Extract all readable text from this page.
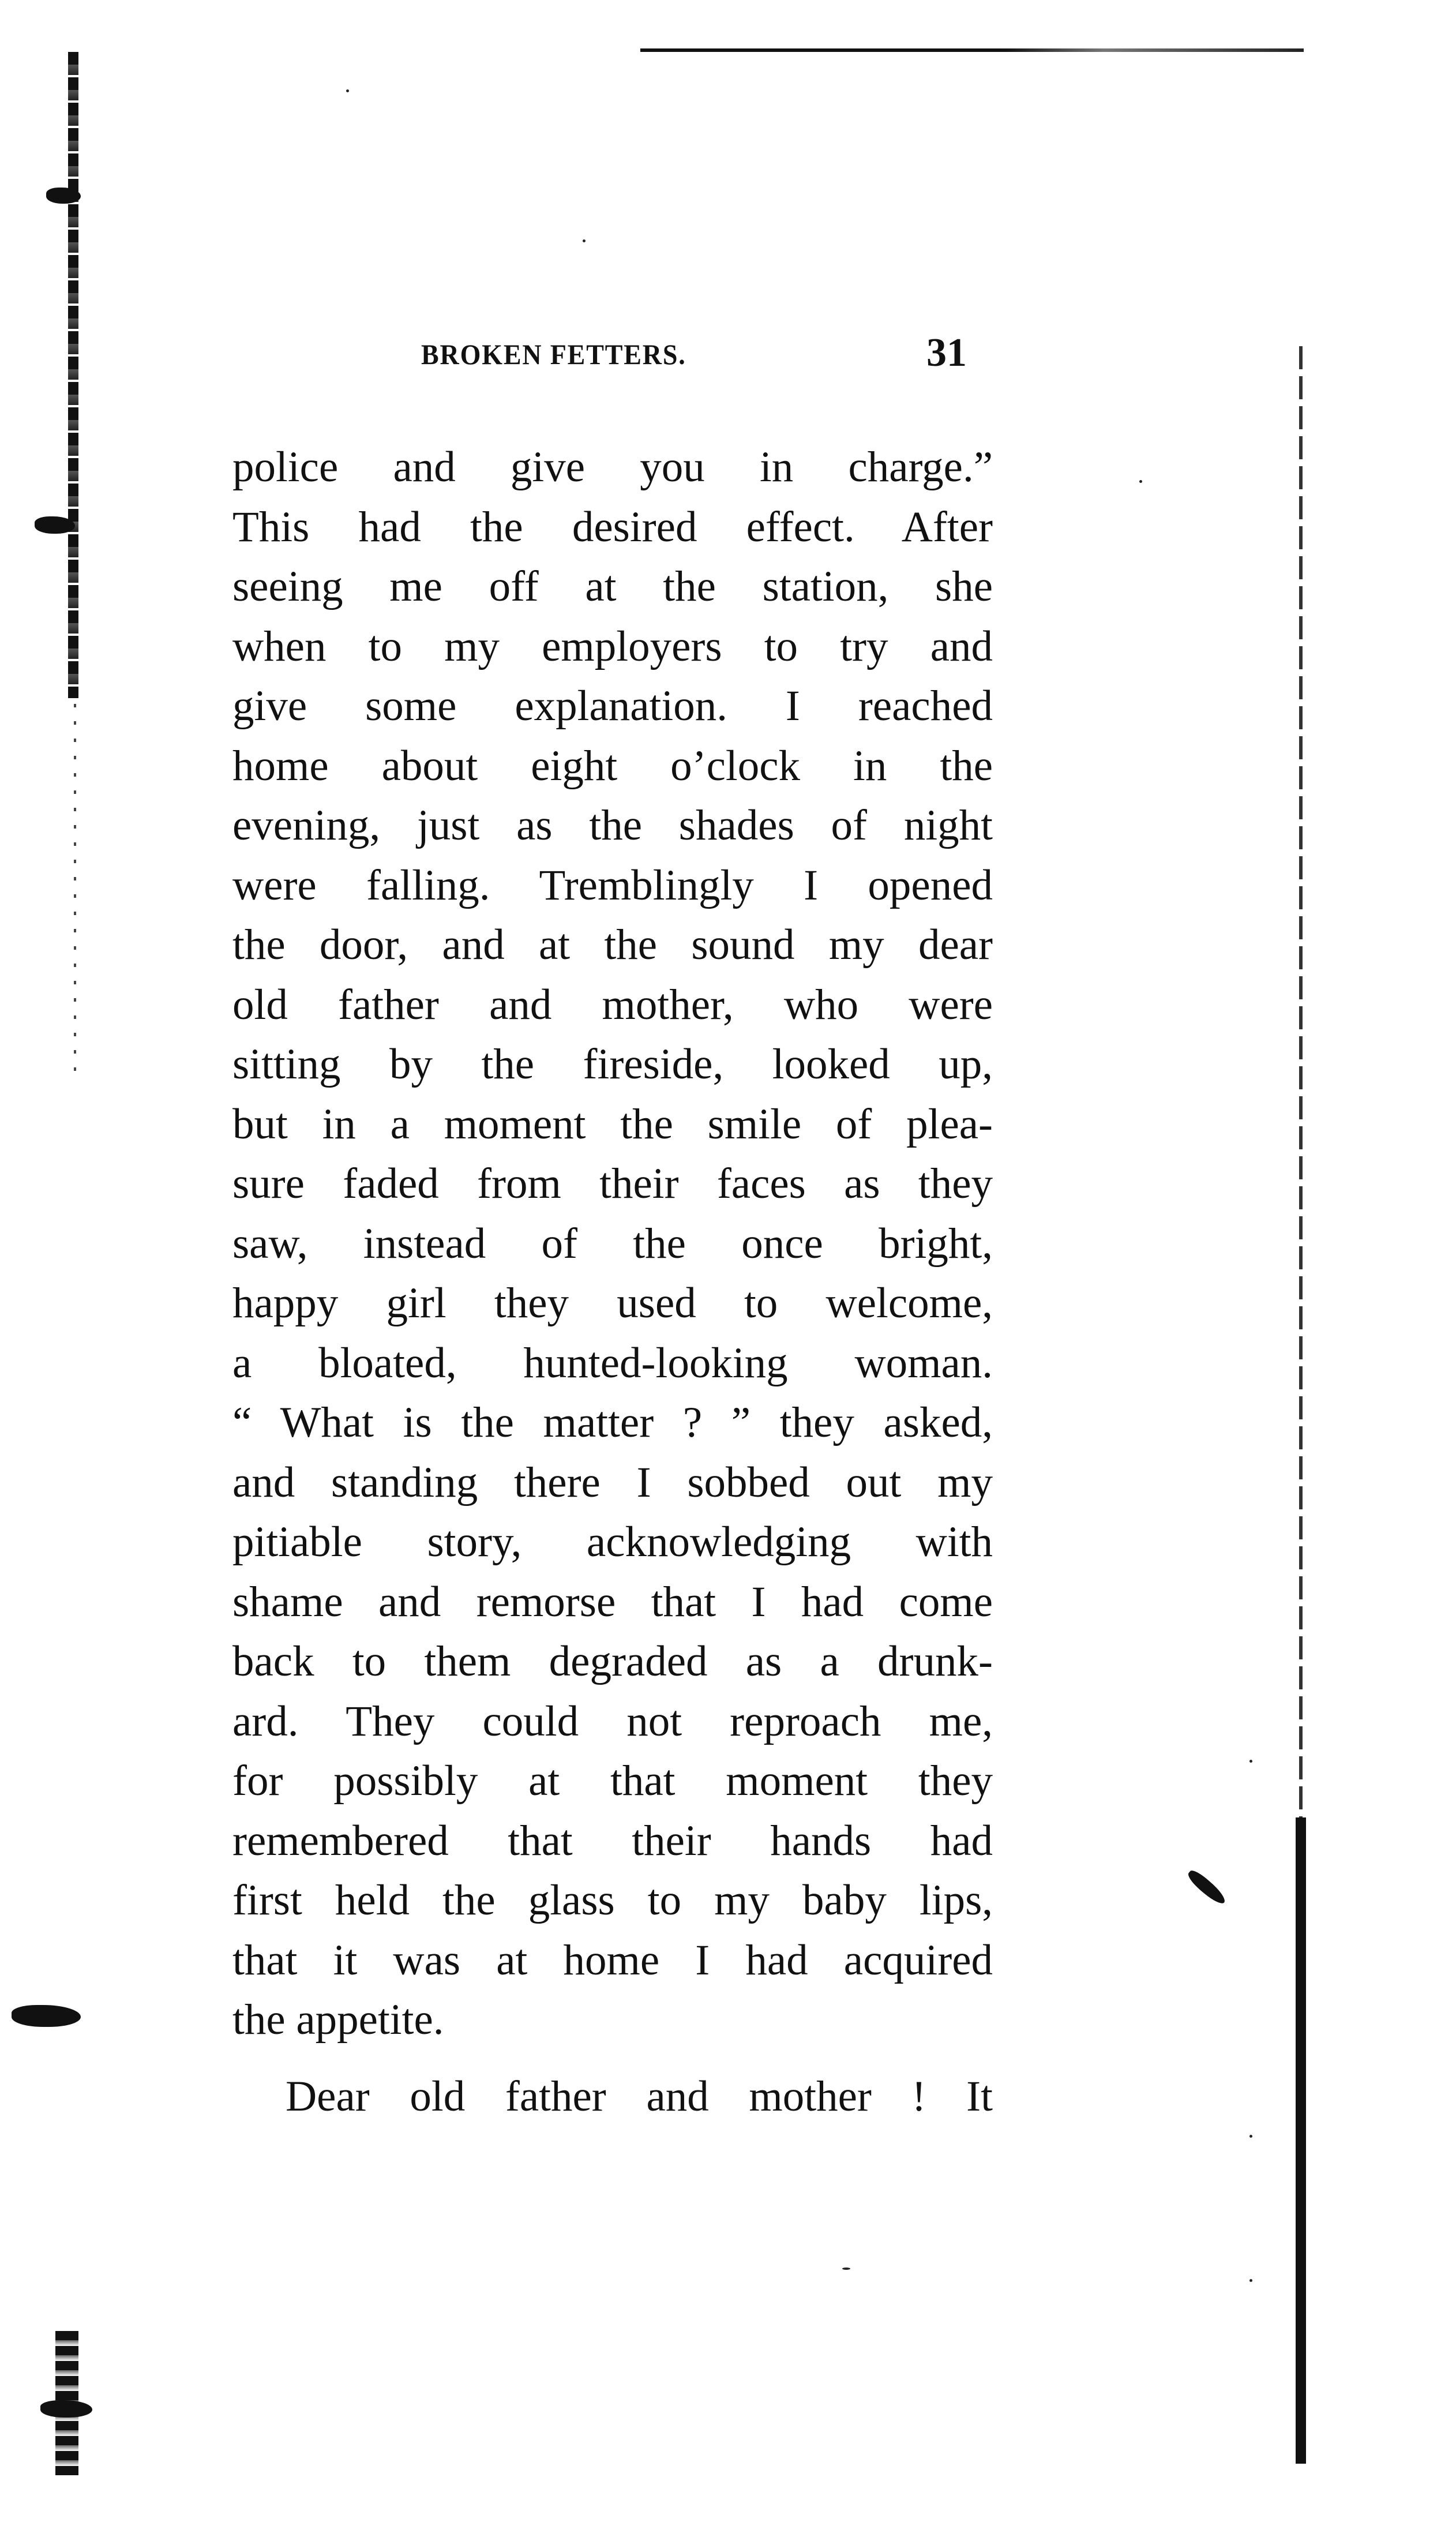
BROKEN FETTERS.	31
police and give you in charge.”
This had the desired effect. After
seeing me off at the station, she
when to my employers to try and
give some explanation. I reached
home about eight o’clock in the
evening, just as the shades of night
were falling. Tremblingly I opened
the door, and at the sound my dear
old father and mother, who were
sitting by the fireside, looked up,
but in a moment the smile of plea-
sure faded from their faces as they
saw, instead of the once bright,
happy girl they used to welcome,
a bloated, hunted-looking woman.
“ What is the matter ? ” they asked,
and standing there I sobbed out my
pitiable story, acknowledging with
shame and remorse that I had come
back to them degraded as a drunk-
ard. They could not reproach me,
for possibly at that moment they
remembered that their hands had
first held the glass to my baby lips,
that it was at home I had acquired
the appetite.
Dear old father and mother ! It
